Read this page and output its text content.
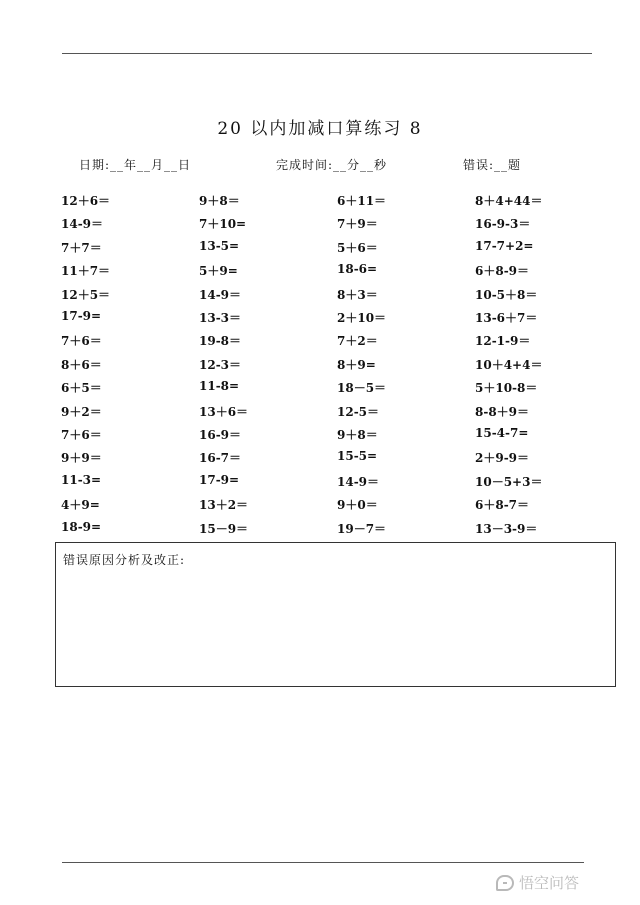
20 以内加减口算练习 8
日期:__年__月__日	完成时间:__分__秒	错误:__题
12＋6＝	9＋8＝	6＋11＝	8＋4+44＝
14-9＝	7＋10=	7＋9＝	16-9-3＝
7＋7＝	13-5=	5＋6＝	17-7+2=
11＋7＝	5＋9=	18-6=	6＋8-9＝
12＋5＝	14-9＝	8＋3＝	10-5＋8＝
17-9=	13-3＝	2＋10＝	13-6＋7＝
7＋6＝	19-8＝	7＋2＝	12-1-9＝
8＋6＝	12-3＝	8＋9=	10＋4+4＝
6＋5＝	11-8=	18－5＝	5＋10-8＝
9＋2＝	13＋6＝	12-5＝	8-8＋9＝
7＋6＝	16-9＝	9＋8＝	15-4-7=
9＋9＝	16-7＝	15-5=	2＋9-9＝
11-3=	17-9=	14-9＝	10－5+3＝
4＋9=	13＋2＝	9＋0＝	6＋8-7＝
18-9=	15－9＝	19－7＝	13－3-9＝
错误原因分析及改正:
悟空问答
